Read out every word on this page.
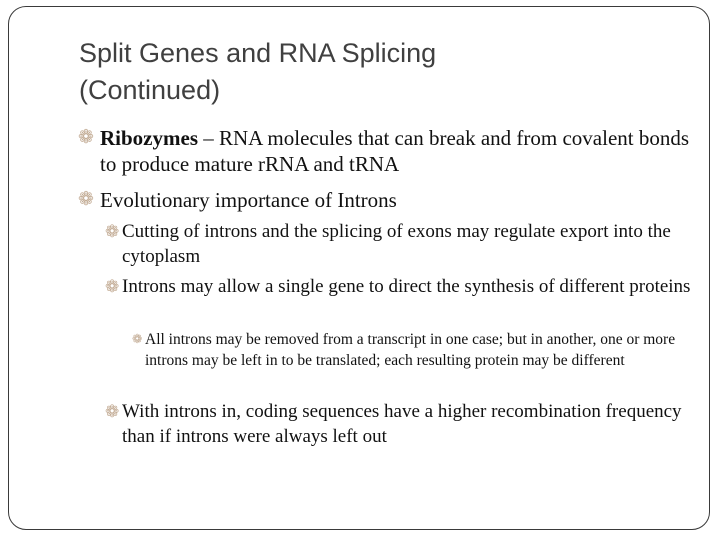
Split Genes and RNA Splicing
(Continued)
❁ Ribozymes – RNA molecules that can break and from covalent bonds to produce mature rRNA and tRNA
❁ Evolutionary importance of Introns
❁ Cutting of introns and the splicing of exons may regulate export into the cytoplasm
❁ Introns may allow a single gene to direct the synthesis of different proteins
❁ All introns may be removed from a transcript in one case; but in another, one or more introns may be left in to be translated; each resulting protein may be different
❁ With introns in, coding sequences have a higher recombination frequency than if introns were always left out
